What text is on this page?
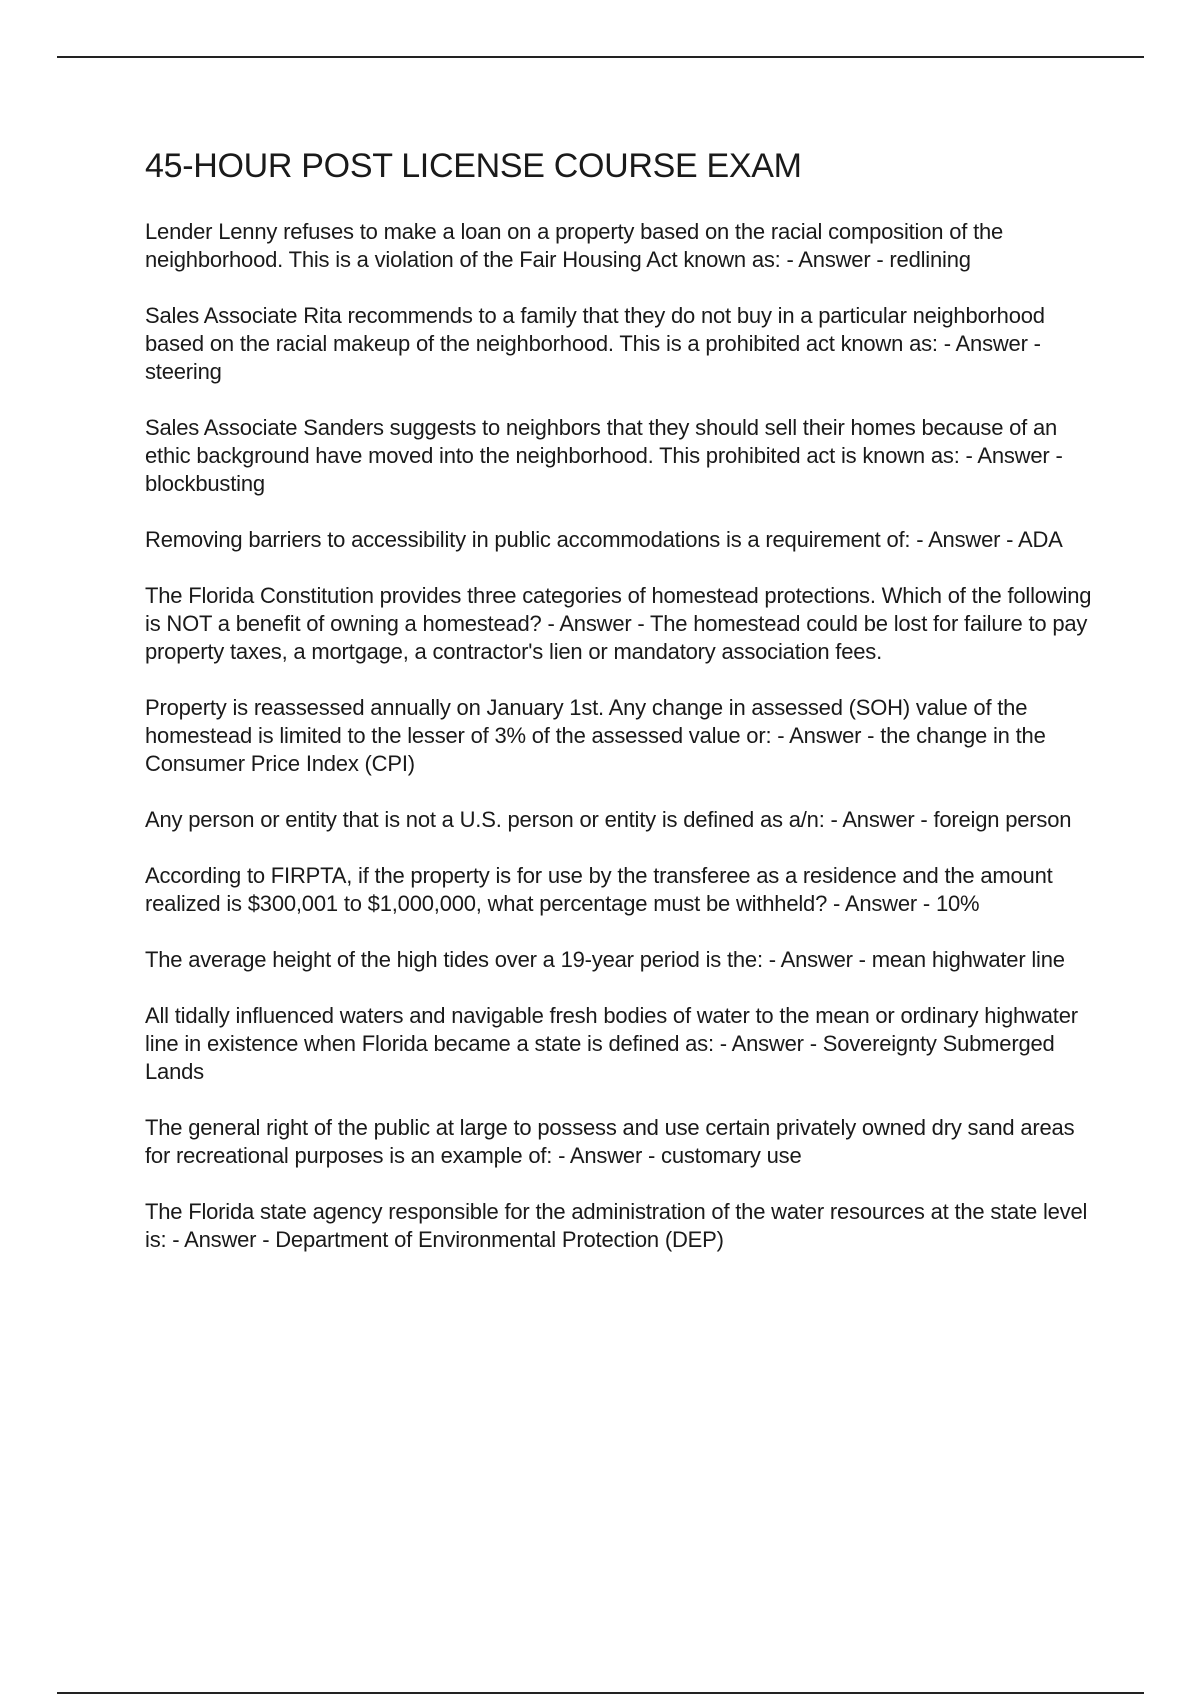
45-HOUR POST LICENSE COURSE EXAM
Lender Lenny refuses to make a loan on a property based on the racial composition of the neighborhood. This is a violation of the Fair Housing Act known as: - Answer - redlining
Sales Associate Rita recommends to a family that they do not buy in a particular neighborhood based on the racial makeup of the neighborhood. This is a prohibited act known as: - Answer - steering
Sales Associate Sanders suggests to neighbors that they should sell their homes because of an ethic background have moved into the neighborhood. This prohibited act is known as: - Answer - blockbusting
Removing barriers to accessibility in public accommodations is a requirement of: - Answer - ADA
The Florida Constitution provides three categories of homestead protections. Which of the following is NOT a benefit of owning a homestead? - Answer - The homestead could be lost for failure to pay property taxes, a mortgage, a contractor's lien or mandatory association fees.
Property is reassessed annually on January 1st. Any change in assessed (SOH) value of the homestead is limited to the lesser of 3% of the assessed value or: - Answer - the change in the Consumer Price Index (CPI)
Any person or entity that is not a U.S. person or entity is defined as a/n: - Answer - foreign person
According to FIRPTA, if the property is for use by the transferee as a residence and the amount realized is $300,001 to $1,000,000, what percentage must be withheld? - Answer - 10%
The average height of the high tides over a 19-year period is the: - Answer - mean highwater line
All tidally influenced waters and navigable fresh bodies of water to the mean or ordinary highwater line in existence when Florida became a state is defined as: - Answer - Sovereignty Submerged Lands
The general right of the public at large to possess and use certain privately owned dry sand areas for recreational purposes is an example of: - Answer - customary use
The Florida state agency responsible for the administration of the water resources at the state level is: - Answer - Department of Environmental Protection (DEP)
